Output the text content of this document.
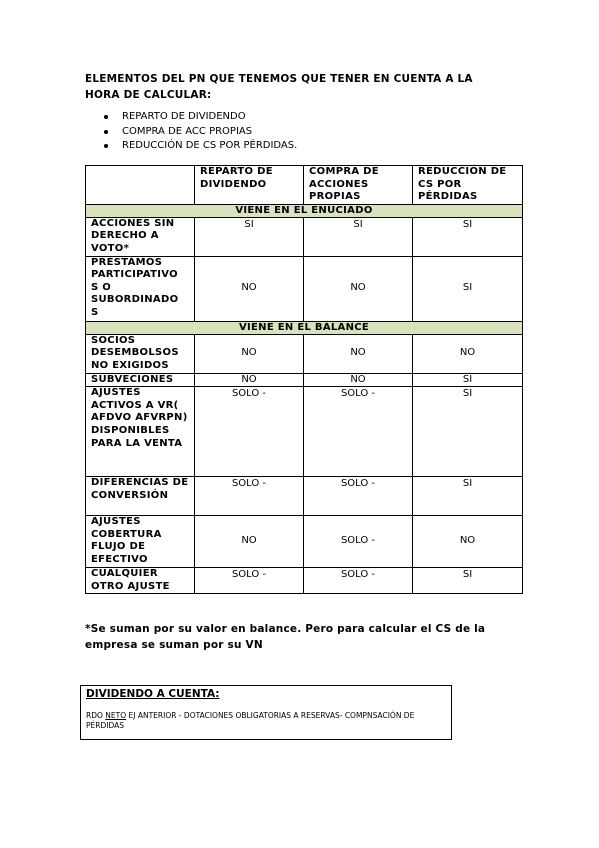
ELEMENTOS DEL PN QUE TENEMOS QUE TENER EN CUENTA A LA HORA DE CALCULAR:
REPARTO DE DIVIDENDO
COMPRA DE ACC PROPIAS
REDUCCIÓN DE CS POR PÉRDIDAS.
	REPARTO DE DIVIDENDO	COMPRA DE ACCIONES PROPIAS	REDUCCIÓN DE CS POR PÉRDIDAS
VIENE EN EL ENUCIADO			
ACCIONES SIN DERECHO A VOTO*	SI	SI	SI
PRÉSTAMOS PARTICIPATIVO S O SUBORDINADO S	NO	NO	SI
VIENE EN EL BALANCE			
SOCIOS DESEMBOLSOS NO EXIGIDOS	NO	NO	NO
SUBVECIONES	NO	NO	SI
AJUSTES ACTIVOS A VR( AFDVO AFVRPN) DISPONIBLES PARA LA VENTA	SOLO -	SOLO -	SI
DIFERENCIAS DE CONVERSIÓN	SOLO -	SOLO -	SI
AJUSTES COBERTURA FLUJO DE EFECTIVO	NO	SOLO -	NO
CUALQUIER OTRO AJUSTE	SOLO -	SOLO -	SI
*Se suman por su valor en balance. Pero para calcular el CS de la empresa se suman por su VN
DIVIDENDO A CUENTA:
RDO NETO EJ ANTERIOR - DOTACIONES OBLIGATORIAS A RESERVAS- COMPNSACIÓN DE PÉRDIDAS
